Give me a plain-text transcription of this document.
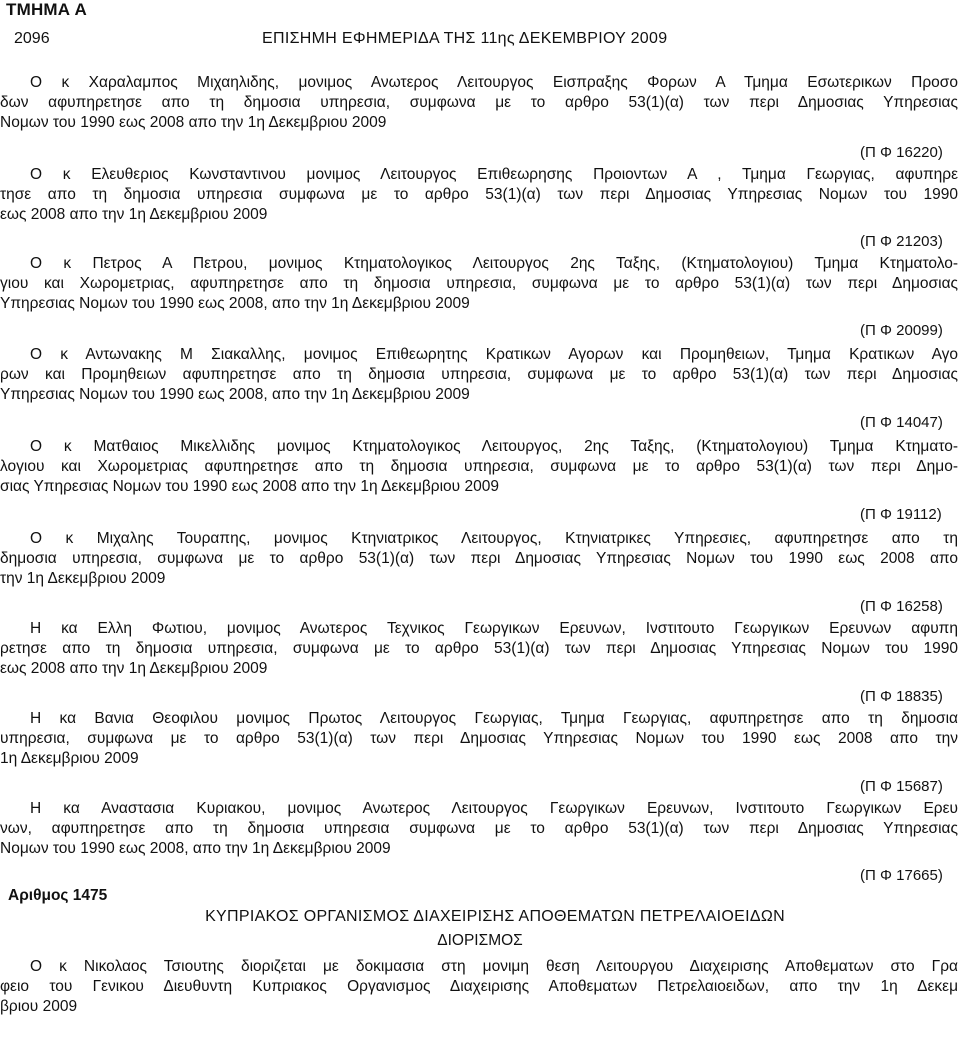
ΤΜΗΜΑ Α
2096	ΕΠΙΣΗΜΗ ΕΦΗΜΕΡΙΔΑ ΤΗΣ 11ης ΔΕΚΕΜΒΡΙΟΥ 2009
Ο κ Χαραλαμπος Μιχαηλιδης, μονιμος Ανωτερος Λειτουργος Εισπραξης Φορων Α Τμημα Εσωτερικων Προσο
δων αφυπηρετησε απο τη δημοσια υπηρεσια, συμφωνα με το αρθρο 53(1)(α) των περι Δημοσιας Υπηρεσιας
Νομων του 1990 εως 2008 απο την 1η Δεκεμβριου 2009
(Π Φ 16220)
Ο κ Ελευθεριος Κωνσταντινου μονιμος Λειτουργος Επιθεωρησης Προιοντων Α , Τμημα Γεωργιας, αφυπηρε
τησε απο τη δημοσια υπηρεσια συμφωνα με το αρθρο 53(1)(α) των περι Δημοσιας Υπηρεσιας Νομων του 1990
εως 2008 απο την 1η Δεκεμβριου 2009
(Π Φ 21203)
Ο κ Πετρος Α Πετρου, μονιμος Κτηματολογικος Λειτουργος 2ης Ταξης, (Κτηματολογιου) Τμημα Κτηματολο-
γιου και Χωρομετριας, αφυπηρετησε απο τη δημοσια υπηρεσια, συμφωνα με το αρθρο 53(1)(α) των περι Δημοσιας
Υπηρεσιας Νομων του 1990 εως 2008, απο την 1η Δεκεμβριου 2009
(Π Φ 20099)
Ο κ Αντωνακης Μ Σιακαλλης, μονιμος Επιθεωρητης Κρατικων Αγορων και Προμηθειων, Τμημα Κρατικων Αγο
ρων και Προμηθειων αφυπηρετησε απο τη δημοσια υπηρεσια, συμφωνα με το αρθρο 53(1)(α) των περι Δημοσιας
Υπηρεσιας Νομων του 1990 εως 2008, απο την 1η Δεκεμβριου 2009
(Π Φ 14047)
Ο κ Ματθαιος Μικελλιδης μονιμος Κτηματολογικος Λειτουργος, 2ης Ταξης, (Κτηματολογιου) Τμημα Κτηματο-
λογιου και Χωρομετριας αφυπηρετησε απο τη δημοσια υπηρεσια, συμφωνα με το αρθρο 53(1)(α) των περι Δημο-
σιας Υπηρεσιας Νομων του 1990 εως 2008 απο την 1η Δεκεμβριου 2009
(Π Φ 19112)
Ο κ Μιχαλης Τουραπης, μονιμος Κτηνιατρικος Λειτουργος, Κτηνιατρικες Υπηρεσιες, αφυπηρετησε απο τη
δημοσια υπηρεσια, συμφωνα με το αρθρο 53(1)(α) των περι Δημοσιας Υπηρεσιας Νομων του 1990 εως 2008 απο
την 1η Δεκεμβριου 2009
(Π Φ 16258)
Η κα Ελλη Φωτιου, μονιμος Ανωτερος Τεχνικος Γεωργικων Ερευνων, Ινστιτουτο Γεωργικων Ερευνων αφυπη
ρετησε απο τη δημοσια υπηρεσια, συμφωνα με το αρθρο 53(1)(α) των περι Δημοσιας Υπηρεσιας Νομων του 1990
εως 2008 απο την 1η Δεκεμβριου 2009
(Π Φ 18835)
Η κα Βανια Θεοφιλου μονιμος Πρωτος Λειτουργος Γεωργιας, Τμημα Γεωργιας, αφυπηρετησε απο τη δημοσια
υπηρεσια, συμφωνα με το αρθρο 53(1)(α) των περι Δημοσιας Υπηρεσιας Νομων του 1990 εως 2008 απο την
1η Δεκεμβριου 2009
(Π Φ 15687)
Η κα Αναστασια Κυριακου, μονιμος Ανωτερος Λειτουργος Γεωργικων Ερευνων, Ινστιτουτο Γεωργικων Ερευ
νων, αφυπηρετησε απο τη δημοσια υπηρεσια συμφωνα με το αρθρο 53(1)(α) των περι Δημοσιας Υπηρεσιας
Νομων του 1990 εως 2008, απο την 1η Δεκεμβριου 2009
(Π Φ 17665)
Αριθμος 1475
ΚΥΠΡΙΑΚΟΣ ΟΡΓΑΝΙΣΜΟΣ ΔΙΑΧΕΙΡΙΣΗΣ ΑΠΟΘΕΜΑΤΩΝ ΠΕΤΡΕΛΑΙΟΕΙΔΩΝ
ΔΙΟΡΙΣΜΟΣ
Ο κ Νικολαος Τσιουτης διοριζεται με δοκιμασια στη μονιμη θεση Λειτουργου Διαχειρισης Αποθεματων στο Γρα
φειο του Γενικου Διευθυντη Κυπριακος Οργανισμος Διαχειρισης Αποθεματων Πετρελαιοειδων, απο την 1η Δεκεμ
βριου 2009
